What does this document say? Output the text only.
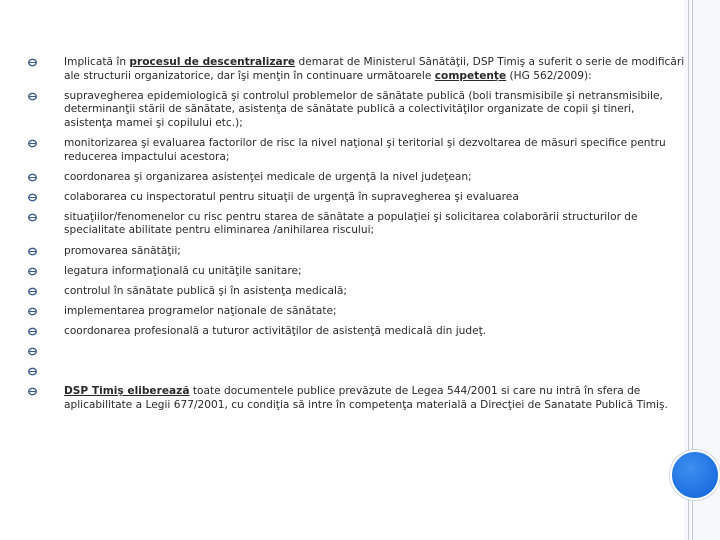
Implicată în procesul de descentralizare demarat de Ministerul Sănătăţii, DSP Timiş a suferit o serie de modificări ale structurii organizatorice, dar îşi menţin în continuare următoarele competenţe (HG 562/2009):
supravegherea epidemiologică şi controlul problemelor de sănătate publică (boli transmisibile şi netransmisibile, determinanţii stării de sănătate, asistenţa de sănătate publică a colectivităţilor organizate de copii şi tineri, asistenţa mamei şi copilului etc.);
monitorizarea şi evaluarea factorilor de risc la nivel naţional şi teritorial şi dezvoltarea de măsuri specifice pentru reducerea impactului acestora;
coordonarea şi organizarea asistenţei medicale de urgenţă la nivel judeţean;
colaborarea cu inspectoratul pentru situaţii de urgenţă în supravegherea şi evaluarea
situaţiilor/fenomenelor cu risc pentru starea de sănătate a populaţiei şi solicitarea colaborării structurilor de specialitate abilitate pentru eliminarea /anihilarea riscului;
promovarea sănătăţii;
legatura informaţională cu unităţile sanitare;
controlul în sănătate publică şi în asistenţa medicală;
implementarea programelor naţionale de sănătate;
coordonarea profesională a tuturor activităţilor de asistenţă medicală din judeţ.
DSP Timiş eliberează toate documentele publice prevăzute de Legea 544/2001 si care nu intră în sfera de aplicabilitate a Legii 677/2001, cu condiţia să intre în competenţa materială a Direcţiei de Sanatate Publică Timiş.
